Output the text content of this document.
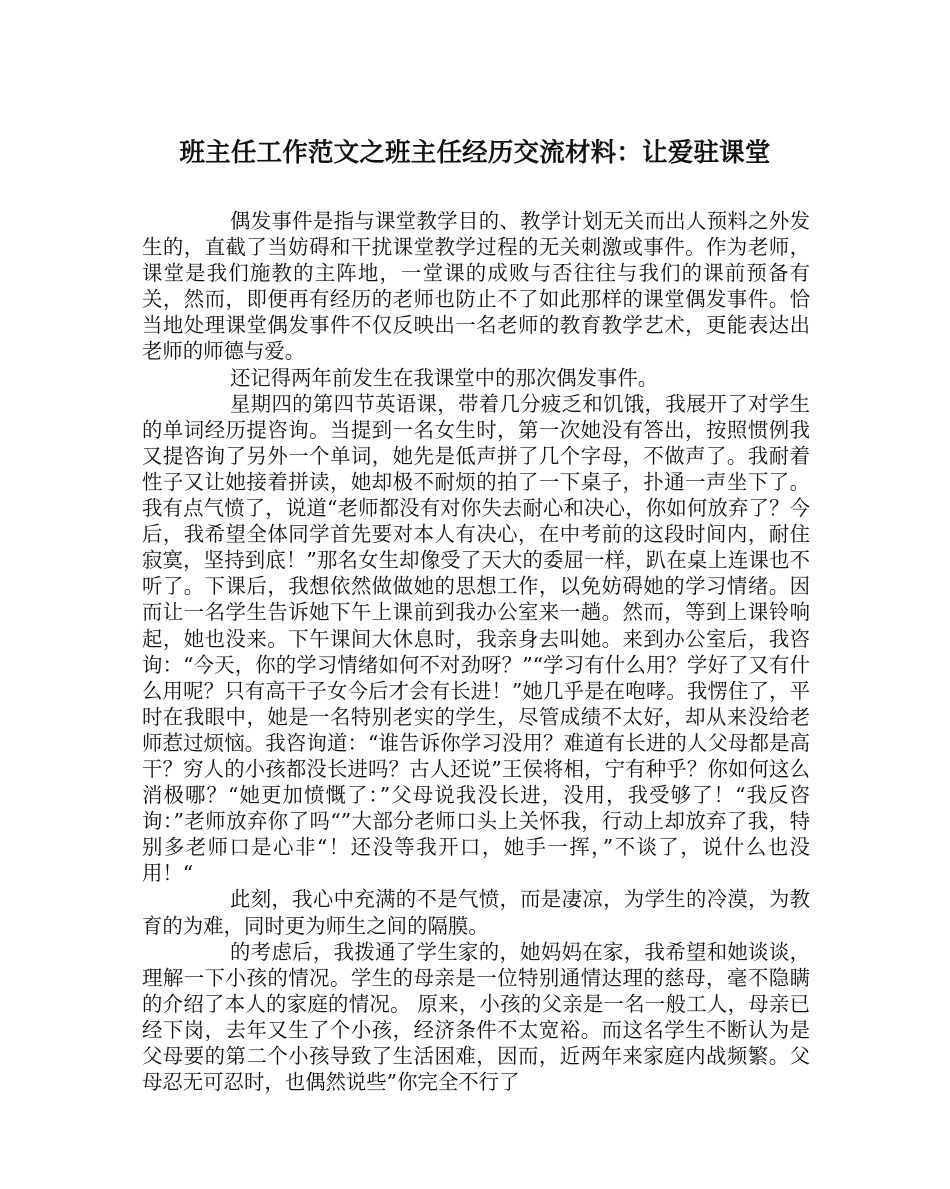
班主任工作范文之班主任经历交流材料：让爱驻课堂

偶发事件是指与课堂教学目的、教学计划无关而出人预料之外发生的，直截了当妨碍和干扰课堂教学过程的无关刺激或事件。作为老师，课堂是我们施教的主阵地，一堂课的成败与否往往与我们的课前预备有关，然而，即便再有经历的老师也防止不了如此那样的课堂偶发事件。恰当地处理课堂偶发事件不仅反映出一名老师的教育教学艺术，更能表达出老师的师德与爱。

还记得两年前发生在我课堂中的那次偶发事件。

星期四的第四节英语课，带着几分疲乏和饥饿，我展开了对学生的单词经历提咨询。当提到一名女生时，第一次她没有答出，按照惯例我又提咨询了另外一个单词，她先是低声拼了几个字母，不做声了。我耐着性子又让她接着拼读，她却极不耐烦的拍了一下桌子，扑通一声坐下了。我有点气愤了，说道“老师都没有对你失去耐心和决心，你如何放弃了？今后，我希望全体同学首先要对本人有决心，在中考前的这段时间内，耐住寂寞，坚持到底！”那名女生却像受了天大的委屈一样，趴在桌上连课也不听了。下课后，我想依然做做她的思想工作，以免妨碍她的学习情绪。因而让一名学生告诉她下午上课前到我办公室来一趟。然而，等到上课铃响起，她也没来。下午课间大休息时，我亲身去叫她。来到办公室后，我咨询：“今天，你的学习情绪如何不对劲呀？”“学习有什么用？学好了又有什么用呢？只有高干子女今后才会有长进！”她几乎是在咆哮。我愣住了，平时在我眼中，她是一名特别老实的学生，尽管成绩不太好，却从来没给老师惹过烦恼。我咨询道：“谁告诉你学习没用？难道有长进的人父母都是高干？穷人的小孩都没长进吗？古人还说”王侯将相，宁有种乎？你如何这么消极哪？“她更加愤慨了：”父母说我没长进，没用，我受够了！“我反咨询：”老师放弃你了吗“”大部分老师口头上关怀我，行动上却放弃了我，特别多老师口是心非“！还没等我开口，她手一挥，”不谈了，说什么也没用！“

此刻，我心中充满的不是气愤，而是凄凉，为学生的冷漠，为教育的为难，同时更为师生之间的隔膜。

的考虑后，我拨通了学生家的，她妈妈在家，我希望和她谈谈，理解一下小孩的情况。学生的母亲是一位特别通情达理的慈母，毫不隐瞒的介绍了本人的家庭的情况。 原来，小孩的父亲是一名一般工人，母亲已经下岗，去年又生了个小孩，经济条件不太宽裕。而这名学生不断认为是父母要的第二个小孩导致了生活困难，因而，近两年来家庭内战频繁。父母忍无可忍时，也偶然说些”你完全不行了
